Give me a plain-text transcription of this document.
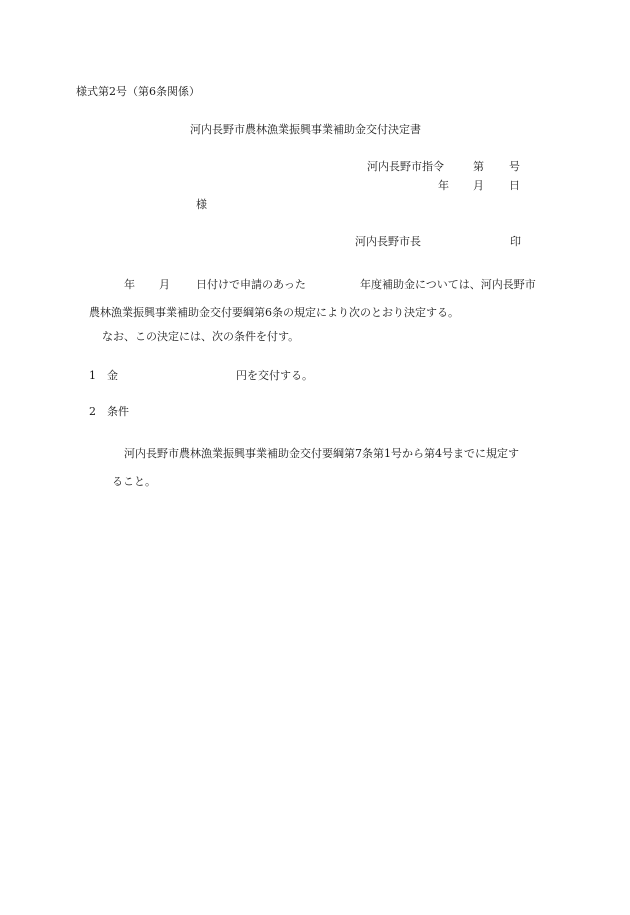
様式第2号（第6条関係）
河内長野市農林漁業振興事業補助金交付決定書
河内長野市指令	第 号
年 月 日
様
河内長野市長	印
年 月 日付けで申請のあった	年度補助金については、河内長野市
農林漁業振興事業補助金交付要綱第6条の規定により次のとおり決定する。
なお、この決定には、次の条件を付す。
1 金	円を交付する。
2 条件
河内長野市農林漁業振興事業補助金交付要綱第7条第1号から第4号までに規定す
ること。
